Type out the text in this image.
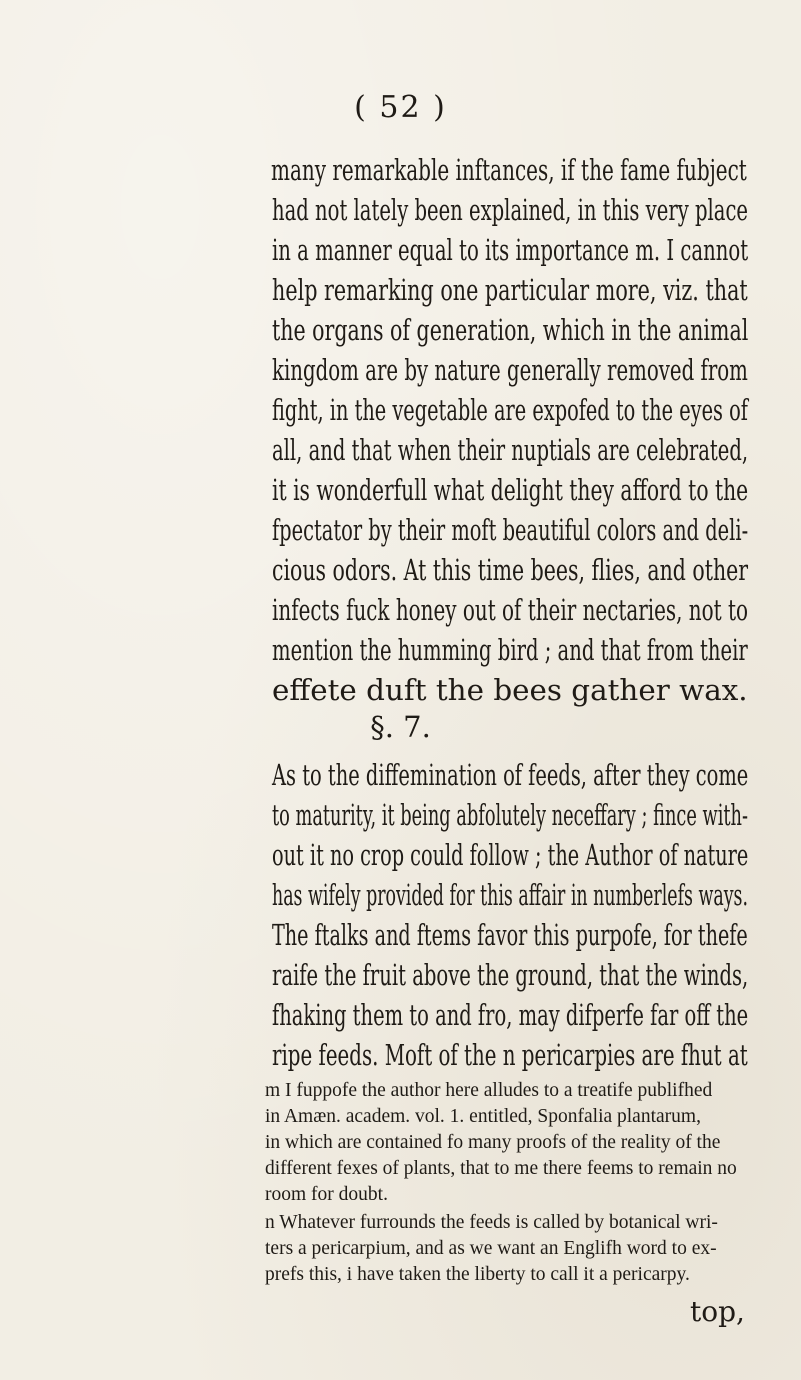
( 52 )
many remarkable inftances, if the fame fubject
had not lately been explained, in this very place
in a manner equal to its importance m. I cannot
help remarking one particular more, viz. that
the organs of generation, which in the animal
kingdom are by nature generally removed from
fight, in the vegetable are expofed to the eyes of
all, and that when their nuptials are celebrated,
it is wonderfull what delight they afford to the
fpectator by their moft beautiful colors and deli-
cious odors. At this time bees, flies, and other
infects fuck honey out of their nectaries, not to
mention the humming bird ; and that from their
effete duft the bees gather wax.
§. 7.
As to the diffemination of feeds, after they come
to maturity, it being abfolutely neceffary ; fince with-
out it no crop could follow ; the Author of nature
has wifely provided for this affair in numberlefs ways.
The ftalks and ftems favor this purpofe, for thefe
raife the fruit above the ground, that the winds,
fhaking them to and fro, may difperfe far off the
ripe feeds. Moft of the n pericarpies are fhut at
m I fuppofe the author here alludes to a treatife publifhed
in Amæn. academ. vol. 1. entitled, Sponfalia plantarum,
in which are contained fo many proofs of the reality of the
different fexes of plants, that to me there feems to remain no
room for doubt.
n Whatever furrounds the feeds is called by botanical wri-
ters a pericarpium, and as we want an Englifh word to ex-
prefs this, i have taken the liberty to call it a pericarpy.
top,
